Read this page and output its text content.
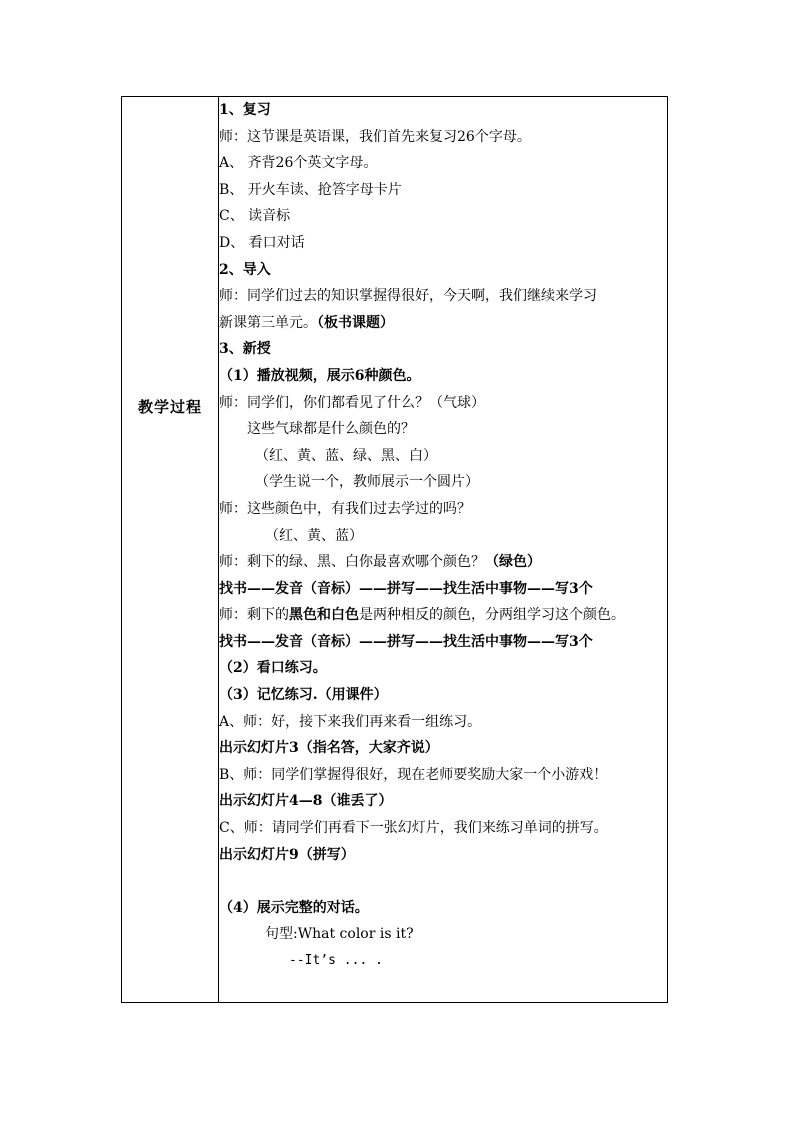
教学过程

1、复习
师：这节课是英语课，我们首先来复习26个字母。
A、 齐背26个英文字母。
B、 开火车读、抢答字母卡片
C、 读音标
D、 看口对话
2、导入
师：同学们过去的知识掌握得很好，今天啊，我们继续来学习
新课第三单元。（板书课题）
3、新授
（1）播放视频，展示6种颜色。
师：同学们，你们都看见了什么？（气球）
这些气球都是什么颜色的？
（红、黄、蓝、绿、黑、白）
（学生说一个，教师展示一个圆片）
师：这些颜色中，有我们过去学过的吗？
（红、黄、蓝）
师：剩下的绿、黑、白你最喜欢哪个颜色？（绿色）
找书——发音（音标）——拼写——找生活中事物——写3个
师：剩下的黑色和白色是两种相反的颜色，分两组学习这个颜色。
找书——发音（音标）——拼写——找生活中事物——写3个
（2）看口练习。
（3）记忆练习.（用课件）
A、师：好，接下来我们再来看一组练习。
出示幻灯片3（指名答，大家齐说）
B、师：同学们掌握得很好，现在老师要奖励大家一个小游戏！
出示幻灯片4—8（谁丢了）
C、师：请同学们再看下一张幻灯片，我们来练习单词的拼写。
出示幻灯片9（拼写）
（4）展示完整的对话。
句型:What color is it?
--It’s ... .
